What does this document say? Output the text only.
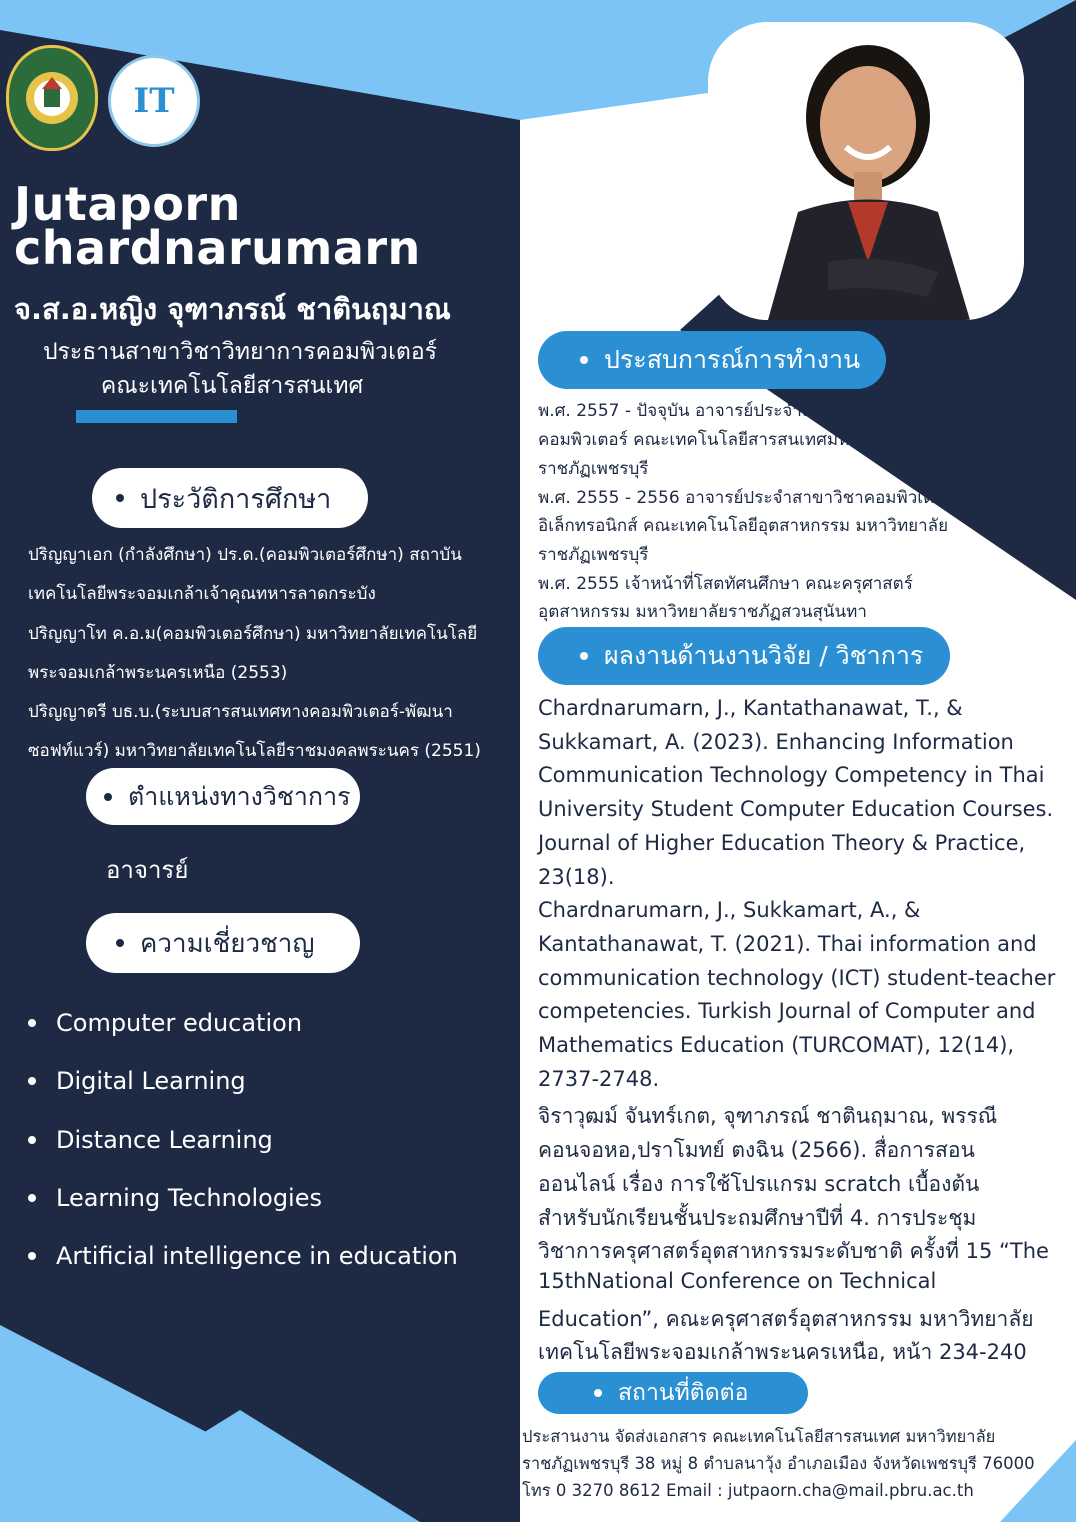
IT
Jutaporn
chardnarumarn
จ.ส.อ.หญิง จุฑาภรณ์ ชาตินฤมาณ
ประธานสาขาวิชาวิทยาการคอมพิวเตอร์
คณะเทคโนโลยีสารสนเทศ
ประวัติการศึกษา
ปริญญาเอก (กำลังศึกษา) ปร.ด.(คอมพิวเตอร์ศึกษา) สถาบัน
เทคโนโลยีพระจอมเกล้าเจ้าคุณทหารลาดกระบัง
ปริญญาโท ค.อ.ม(คอมพิวเตอร์ศึกษา) มหาวิทยาลัยเทคโนโลยี
พระจอมเกล้าพระนครเหนือ (2553)
ปริญญาตรี บธ.บ.(ระบบสารสนเทศทางคอมพิวเตอร์-พัฒนา
ซอฟท์แวร์) มหาวิทยาลัยเทคโนโลยีราชมงคลพระนคร (2551)
ตำแหน่งทางวิชาการ
อาจารย์
ความเชี่ยวชาญ
Computer education
Digital Learning
Distance Learning
Learning Technologies
Artificial intelligence in education
ประสบการณ์การทำงาน
พ.ศ. 2557 - ปัจจุบัน อาจารย์ประจำสาขาวิชา
คอมพิวเตอร์ คณะเทคโนโลยีสารสนเทศมหาวิทยาลัย
ราชภัฏเพชรบุรี
พ.ศ. 2555 - 2556 อาจารย์ประจำสาขาวิชาคอมพิวเตอร์
อิเล็กทรอนิกส์ คณะเทคโนโลยีอุตสาหกรรม มหาวิทยาลัย
ราชภัฏเพชรบุรี
พ.ศ. 2555 เจ้าหน้าที่โสตทัศนศึกษา คณะครุศาสตร์
อุตสาหกรรม มหาวิทยาลัยราชภัฏสวนสุนันทา
ผลงานด้านงานวิจัย / วิชาการ
Chardnarumarn, J., Kantathanawat, T., &
Sukkamart, A. (2023). Enhancing Information
Communication Technology Competency in Thai
University Student Computer Education Courses.
Journal of Higher Education Theory & Practice,
23(18).
Chardnarumarn, J., Sukkamart, A., &
Kantathanawat, T. (2021). Thai information and
communication technology (ICT) student-teacher
competencies. Turkish Journal of Computer and
Mathematics Education (TURCOMAT), 12(14),
2737-2748.
จิราวุฒม์ จันทร์เกต, จุฑาภรณ์ ชาตินฤมาณ, พรรณี
คอนจอหอ,ปราโมทย์ ตงฉิน (2566). สื่อการสอน
ออนไลน์ เรื่อง การใช้โปรแกรม scratch เบื้องต้น
สำหรับนักเรียนชั้นประถมศึกษาปีที่ 4. การประชุม
วิชาการครุศาสตร์อุตสาหกรรมระดับชาติ ครั้งที่ 15 “The
15thNational Conference on Technical
Education”, คณะครุศาสตร์อุตสาหกรรม มหาวิทยาลัย
เทคโนโลยีพระจอมเกล้าพระนครเหนือ, หน้า 234-240
สถานที่ติดต่อ
ประสานงาน จัดส่งเอกสาร คณะเทคโนโลยีสารสนเทศ มหาวิทยาลัย
ราชภัฏเพชรบุรี 38 หมู่ 8 ตำบลนาวุ้ง อำเภอเมือง จังหวัดเพชรบุรี 76000
โทร 0 3270 8612 Email : jutpaorn.cha@mail.pbru.ac.th
